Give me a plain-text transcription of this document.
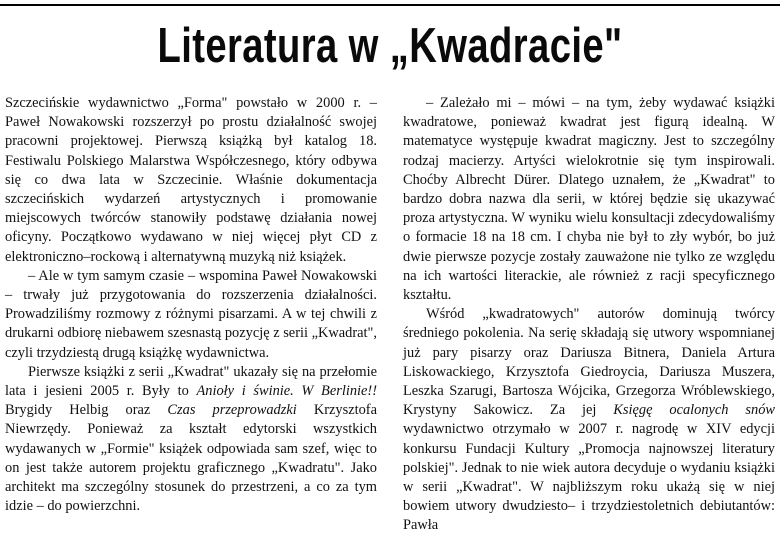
Literatura w „Kwadracie"

Szczecińskie wydawnictwo „Forma" powstało w 2000 r. – Paweł Nowakowski rozszerzył po prostu działalność swojej pracowni projektowej. Pierwszą książką był katalog 18. Festiwalu Polskiego Malarstwa Współczesnego, który odbywa się co dwa lata w Szczecinie. Właśnie dokumentacja szczecińskich wydarzeń artystycznych i promowanie miejscowych twórców stanowiły podstawę działania nowej oficyny. Początkowo wydawano w niej więcej płyt CD z elektroniczno–rockową i alternatywną muzyką niż książek.

– Ale w tym samym czasie – wspomina Paweł Nowakowski – trwały już przygotowania do rozszerzenia działalności. Prowadziliśmy rozmowy z różnymi pisarzami. A w tej chwili z drukarni odbiorę niebawem szesnastą pozycję z serii „Kwadrat", czyli trzydziestą drugą książkę wydawnictwa.

Pierwsze książki z serii „Kwadrat" ukazały się na przełomie lata i jesieni 2005 r. Były to Anioły i świnie. W Berlinie!! Brygidy Helbig oraz Czas przeprowadzki Krzysztofa Niewrzędy. Ponieważ za kształt edytorski wszystkich wydawanych w „Formie" książek odpowiada sam szef, więc to on jest także autorem projektu graficznego „Kwadratu". Jako architekt ma szczególny stosunek do przestrzeni, a co za tym idzie – do powierzchni.

– Zależało mi – mówi – na tym, żeby wydawać książki kwadratowe, ponieważ kwadrat jest figurą idealną. W matematyce występuje kwadrat magiczny. Jest to szczególny rodzaj macierzy. Artyści wielokrotnie się tym inspirowali. Choćby Albrecht Dürer. Dlatego uznałem, że „Kwadrat" to bardzo dobra nazwa dla serii, w której będzie się ukazywać proza artystyczna. W wyniku wielu konsultacji zdecydowaliśmy o formacie 18 na 18 cm. I chyba nie był to zły wybór, bo już dwie pierwsze pozycje zostały zauważone nie tylko ze względu na ich wartości literackie, ale również z racji specyficznego kształtu.

Wśród „kwadratowych" autorów dominują twórcy średniego pokolenia. Na serię składają się utwory wspomnianej już pary pisarzy oraz Dariusza Bitnera, Daniela Artura Liskowackiego, Krzysztofa Giedroycia, Dariusza Muszera, Leszka Szarugi, Bartosza Wójcika, Grzegorza Wróblewskiego, Krystyny Sakowicz. Za jej Księgę ocalonych snów wydawnictwo otrzymało w 2007 r. nagrodę w XIV edycji konkursu Fundacji Kultury „Promocja najnowszej literatury polskiej". Jednak to nie wiek autora decyduje o wydaniu książki w serii „Kwadrat". W najbliższym roku ukażą się w niej bowiem utwory dwudziesto– i trzydziestoletnich debiutantów: Pawła
